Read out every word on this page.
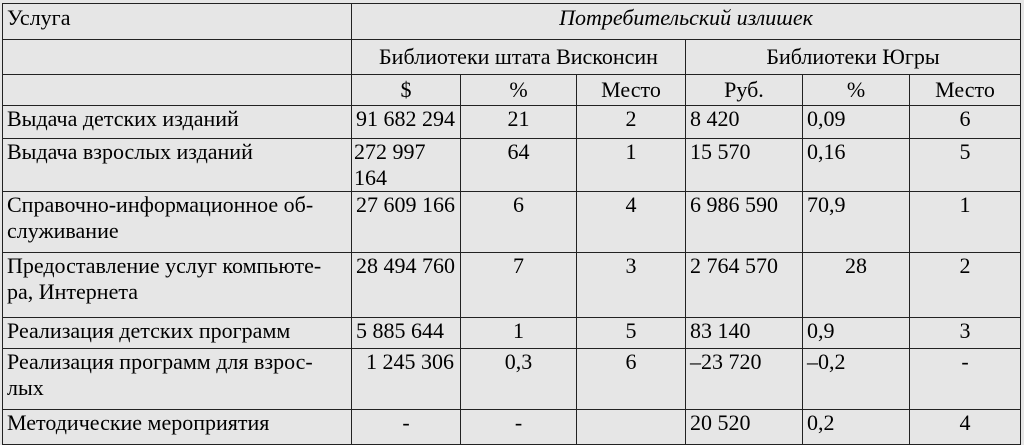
Услуга	Потребительский излишек					
	Библиотеки штата Висконсин			Библиотеки Югры		
	$	%	Место	Руб.	%	Место

Выдача детских изданий	91 682 294	21	2	8 420	0,09	6

Выдача взрослых изданий	272 997 164	64	1	15 570	0,16	5

Справочно-информационное об-
служивание	27 609 166	6	4	6 986 590	70,9	1

Предоставление услуг компьюте-
ра, Интернета	28 494 760	7	3	2 764 570	28	2

Реализация детских программ	5 885 644	1	5	83 140	0,9	3

Реализация программ для взрос-
лых	1 245 306	0,3	6	–23 720	–0,2	-

Методические мероприятия	-	-		20 520	0,2	4
